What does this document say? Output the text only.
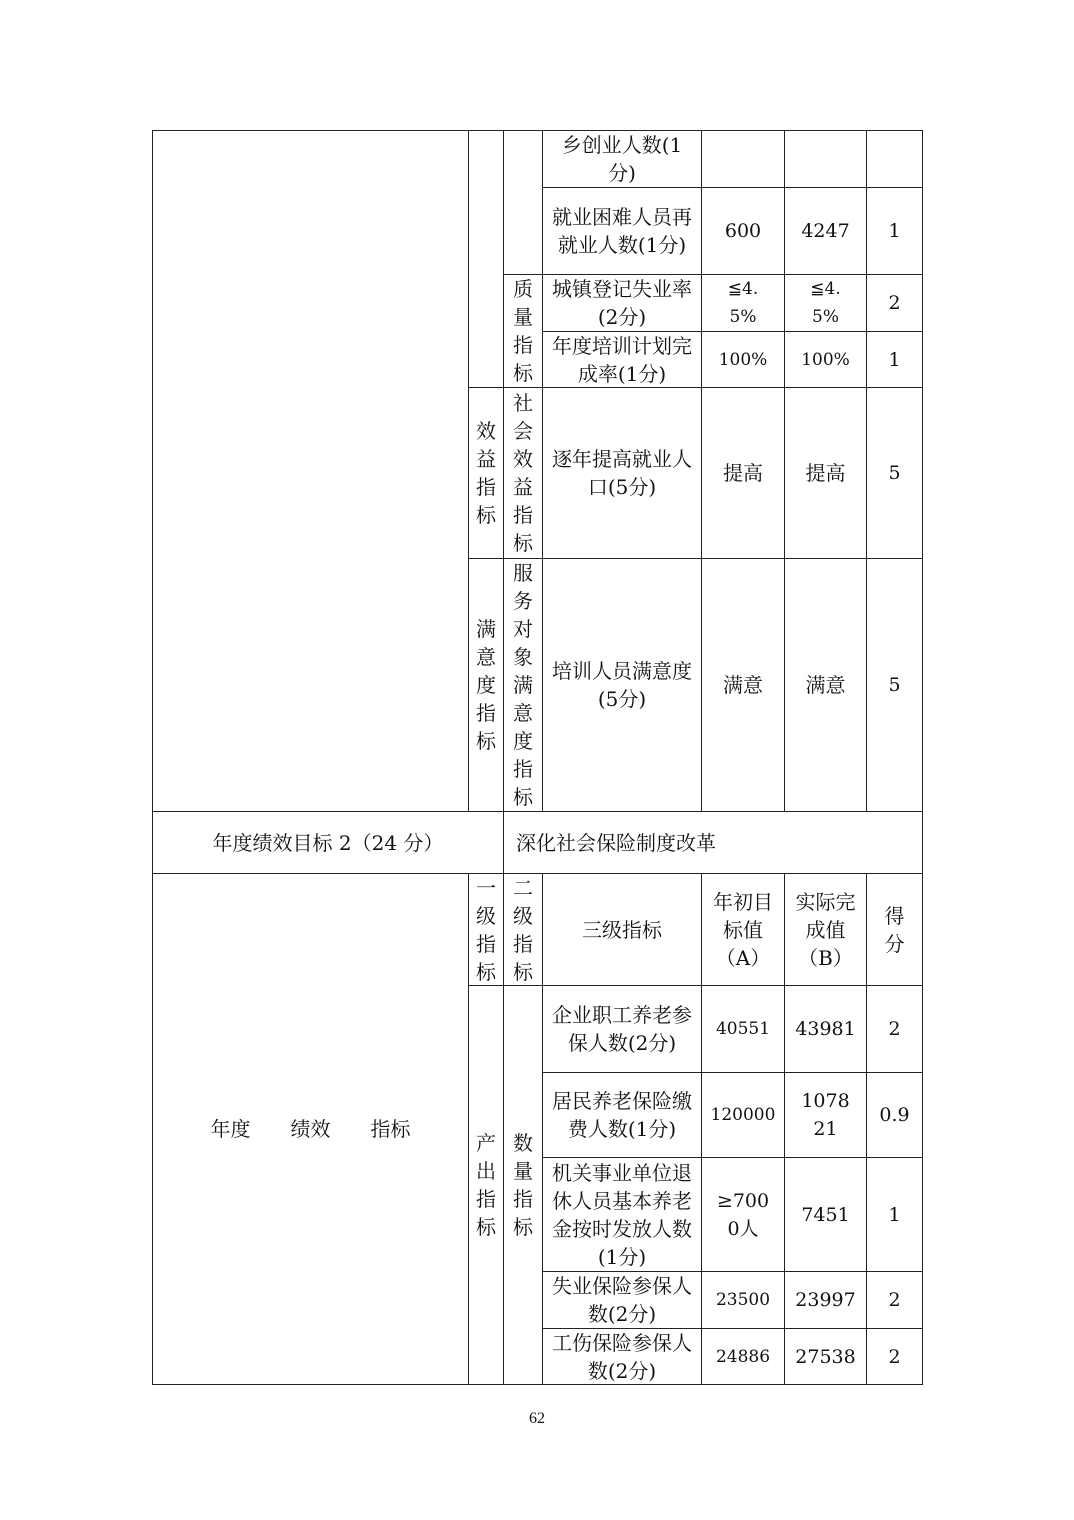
效益指标
满意度指标
质量指标
社会效益指标
服务对象满意度指标
乡创业人数(1分)
就业困难人员再就业人数(1分)
600 4247 1
城镇登记失业率(2分)
≦4.5%
≦4.5%
2
年度培训计划完成率(1分)
100% 100% 1
逐年提高就业人口(5分)
提高 提高 5
培训人员满意度(5分)
满意 满意 5
年度绩效目标 2（24 分）	深化社会保险制度改革
年度　　绩效　　指标
一级指标
二级指标
三级指标
年初目标值（A）
实际完成值（B）
得分
产出指标
数量指标
企业职工养老参保人数(2分)
40551 43981 2
居民养老保险缴费人数(1分)
120000
107821
0.9
机关事业单位退休人员基本养老金按时发放人数(1分)
≥7000人
7451 1
失业保险参保人数(2分)
23500 23997 2
工伤保险参保人数(2分)
24886 27538 2
62
